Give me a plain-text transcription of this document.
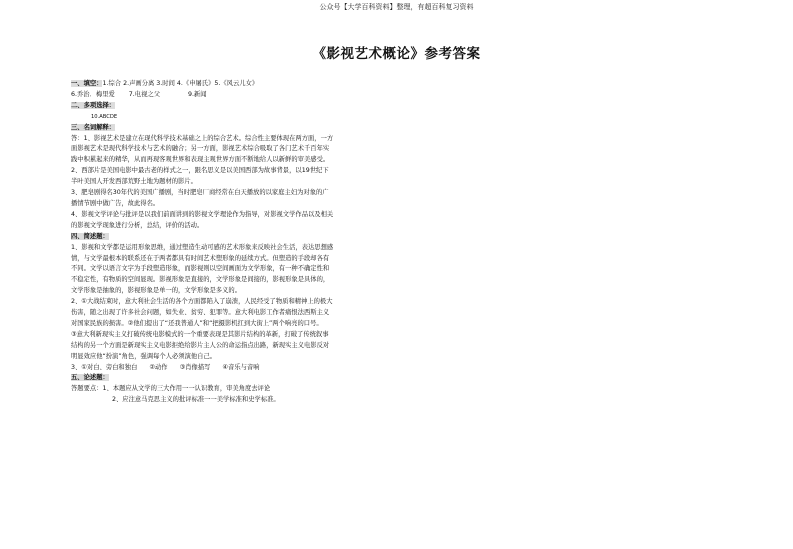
公众号【大学百科资料】整理，有超百科复习资料
《影视艺术概论》参考答案
一、填空：1.综合 2.声画分离 3.时间 4.《申屠氏》5.《风云儿女》
6.乔治．梅里爱 7.电视之父	9.新闻
二、多项选择：
10.ABCDE
三、名词解释：
答：1、影视艺术是建立在现代科学技术基础之上的综合艺术。综合性主要体现在两方面，一方
面影视艺术是现代科学技术与艺术的融合；另一方面，影视艺术综合吸取了各门艺术千百年实
践中积累起来的精华，从而再现客观世界和表现主观世界方面不断地给人以新鲜的审美感受。
2、西部片是美国电影中最古老的样式之一，跟名思义是以美国西部为故事背景，以19世纪下
半叶美国人开发西部荒野土地为题材的影片。
3、肥皂剧得名30年代的美国广播剧，当时肥皂厂商经常在白天播放的以家庭主妇为对象的广
播情节剧中做广告，故此得名。
4、影视文学评论与批评是以我们前面讲到的影视文学理论作为指导，对影视文学作品以及相关
的影视文学现象进行分析，总结，评价的活动。
四、简述题：
1、影视和文学都是运用形象思维，通过塑造生动可感的艺术形象来反映社会生活，表达思想感
情，与文学最根本的联系还在于两者都具有时间艺术塑形象的延续方式。但塑造的手段却各有
不同。文学以语言文字为手段塑造形象，而影视则以空间画面为文学形象，有一种不确定性和
不稳定性，有物质的空间显现。影视形象是直接的，文学形象是间接的，影视形象是具体的，
文学形象是抽象的，影视形象是单一的，文学形象是多义的。
2、①大战结束时，意大利社会生活的各个方面都陷入了崩溃，人民经受了物质和精神上的极大
伤害，随之出现了许多社会问题，如失业、贫穷、犯罪等。意大利电影工作者痛恨法西斯主义
对国家民族的损害。②他们提出了“还我普通人”和“把摄影机扛到大街上”两个响亮的口号。
③意大利新现实主义打破传统电影模式的一个重要表现是其影片结构的革新，打破了传统叙事
结构的另一个方面是新现实主义电影拒绝给影片主人公的命运指点出路，新现实主义电影反对
明显效应他“扮演”角色，强调每个人必须演他自己。
3、①对白、旁白和独白 ②动作 ③肖像描写 ④音乐与音响
五、论述题：
答题要点：1、本题应从文学的三大作用一一认识教育，审美角度去评论
2、应注意马克思主义的批评标准一一美学标准和史学标准。
